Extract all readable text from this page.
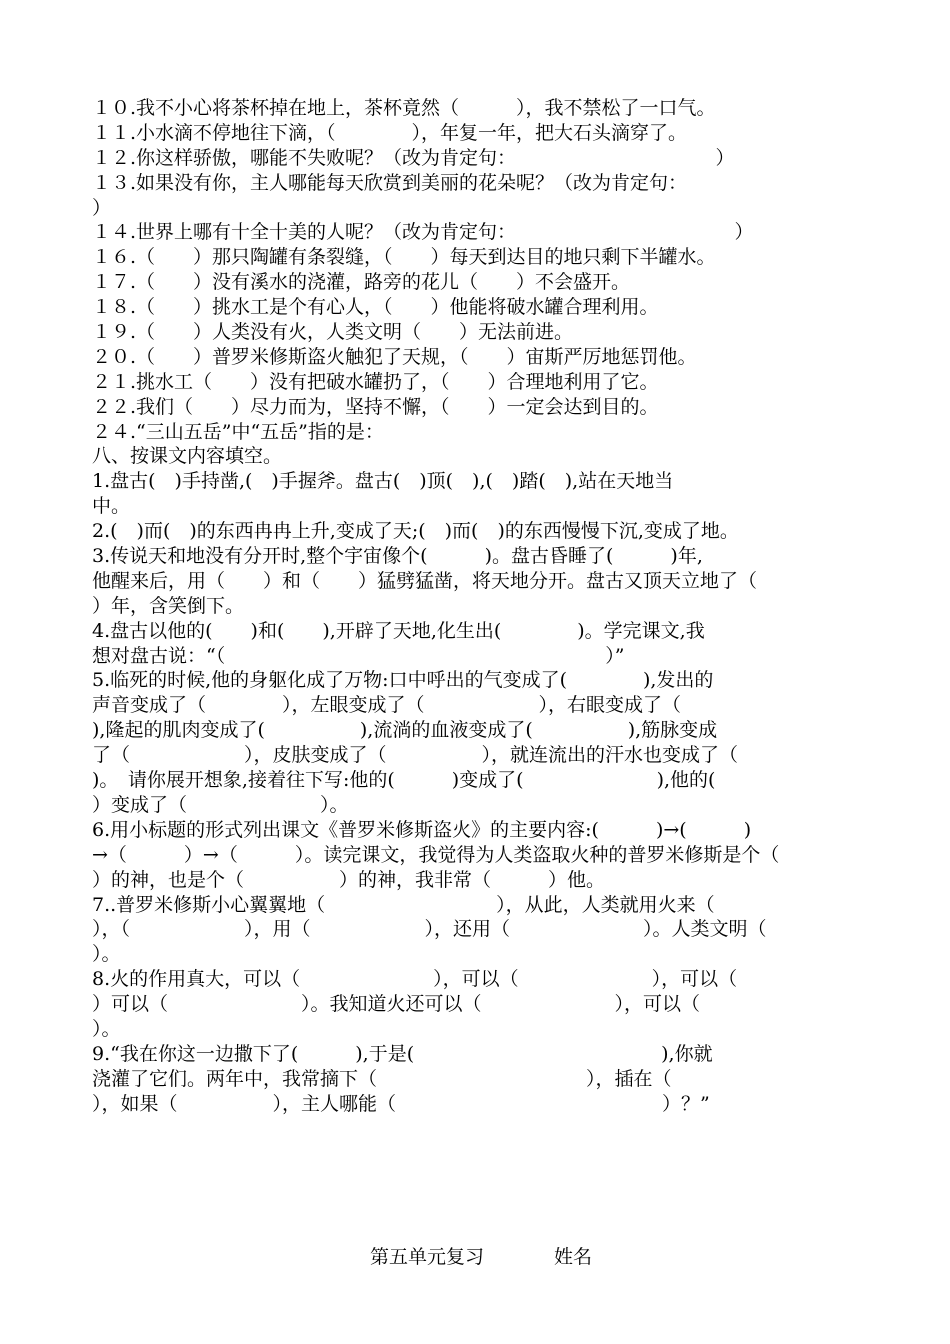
１０.我不小心将茶杯掉在地上，茶杯竟然（　　　），我不禁松了一口气。
１１.小水滴不停地往下滴，（　　　　），年复一年，把大石头滴穿了。
１２.你这样骄傲，哪能不失败呢？（改为肯定句：　　　　　　　　　　　）
１３.如果没有你，主人哪能每天欣赏到美丽的花朵呢？（改为肯定句：
）
１４.世界上哪有十全十美的人呢？（改为肯定句：　　　　　　　　　　　　）
１６.（　　）那只陶罐有条裂缝，（　　）每天到达目的地只剩下半罐水。
１７.（　　）没有溪水的浇灌，路旁的花儿（　　）不会盛开。
１８.（　　）挑水工是个有心人，（　　）他能将破水罐合理利用。
１９.（　　）人类没有火，人类文明（　　）无法前进。
２０.（　　）普罗米修斯盗火触犯了天规，（　　）宙斯严厉地惩罚他。
２１.挑水工（　　）没有把破水罐扔了，（　　）合理地利用了它。
２２.我们（　　）尽力而为，坚持不懈，（　　）一定会达到目的。
２４.“三山五岳”中“五岳”指的是：
八、按课文内容填空。
1.盘古(　)手持凿,(　)手握斧。盘古(　)顶(　),(　)踏(　),站在天地当
中。
2.(　)而(　)的东西冉冉上升,变成了天;(　)而(　)的东西慢慢下沉,变成了地。
3.传说天和地没有分开时,整个宇宙像个(　　　)。盘古昏睡了(　　　)年,
他醒来后，用（　　）和（　　）猛劈猛凿，将天地分开。盘古又顶天立地了（
）年，含笑倒下。
4.盘古以他的(　　)和(　　),开辟了天地,化生出(　　　　)。学完课文,我
想对盘古说：“（　　　　　　　　　　　　　　　　　　　　）”
5.临死的时候,他的身躯化成了万物:口中呼出的气变成了(　　　　),发出的
声音变成了（　　　　），左眼变成了（　　　　　　），右眼变成了（
),隆起的肌肉变成了(　　　　　),流淌的血液变成了(　　　　　),筋脉变成
了（　　　　　　），皮肤变成了（　　　　　），就连流出的汗水也变成了（
)。　请你展开想象,接着往下写:他的(　　　)变成了(　　　　　　　),他的(
）变成了（　　　　　　　）。
6.用小标题的形式列出课文《普罗米修斯盗火》的主要内容:(　　　)→(　　　)
→（　　　）→（　　　）。读完课文，我觉得为人类盗取火种的普罗米修斯是个（
）的神，也是个（　　　　　）的神，我非常（　　　）他。
7..普罗米修斯小心翼翼地（　　　　　　　　　），从此，人类就用火来（
），（　　　　　　），用（　　　　　　），还用（　　　　　　　）。人类文明（
）。
8.火的作用真大，可以（　　　　　　　），可以（　　　　　　　），可以（
）可以（　　　　　　　）。我知道火还可以（　　　　　　　），可以（
）。
9.“我在你这一边撒下了(　　　),于是(　　　　　　　　　　　　　),你就
浇灌了它们。两年中，我常摘下（　　　　　　　　　　　），插在（
），如果（　　　　　），主人哪能（　　　　　　　　　　　　　　）？”

第五单元复习	姓名
